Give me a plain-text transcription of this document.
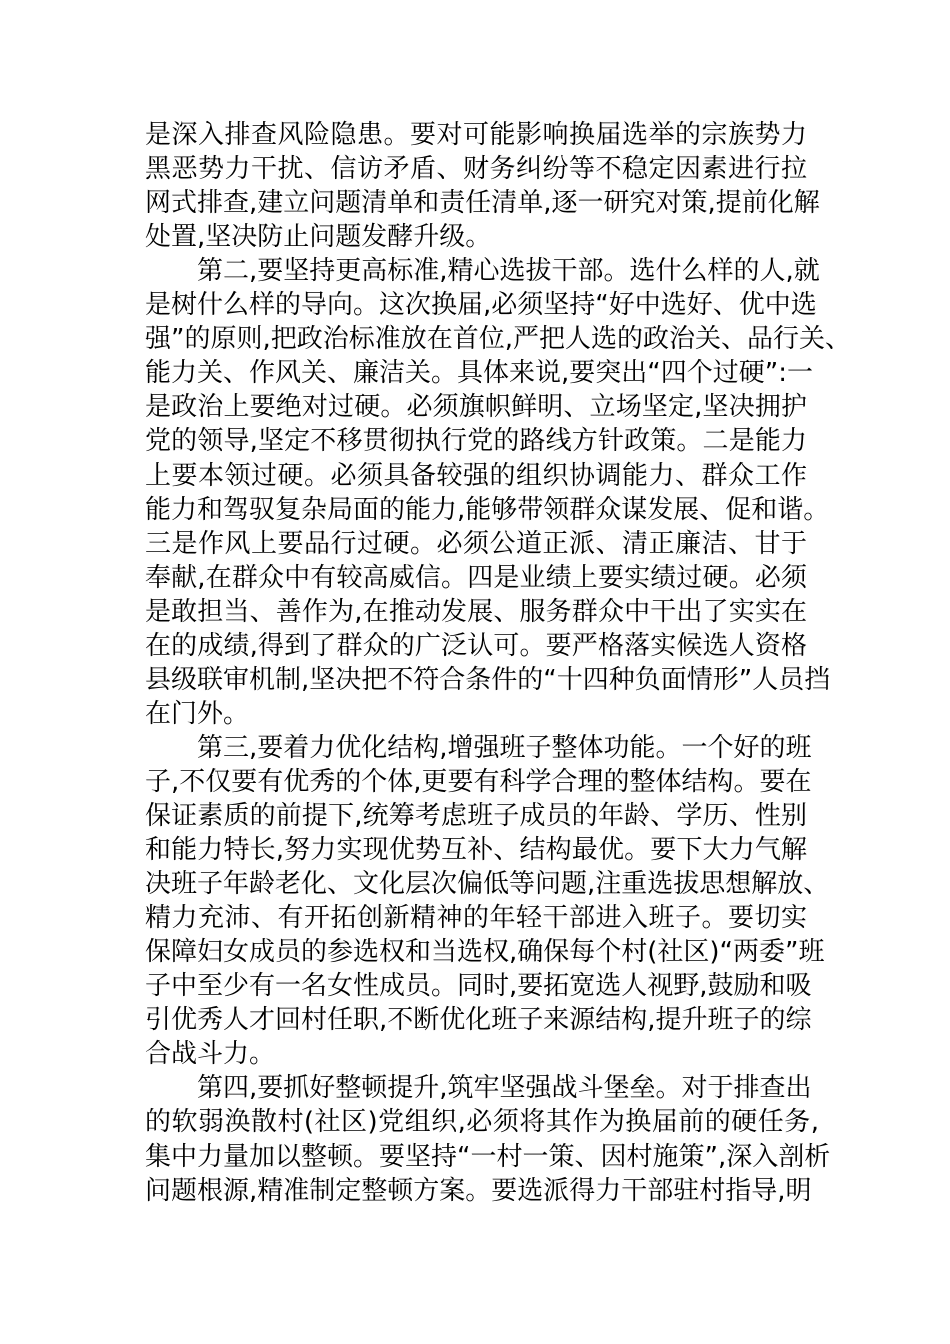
是深入排查风险隐患。要对可能影响换届选举的宗族势力
黑恶势力干扰、信访矛盾、财务纠纷等不稳定因素进行拉
网式排查,建立问题清单和责任清单,逐一研究对策,提前化解
处置,坚决防止问题发酵升级。
第二,要坚持更高标准,精心选拔干部。选什么样的人,就
是树什么样的导向。这次换届,必须坚持“好中选好、优中选
强”的原则,把政治标准放在首位,严把人选的政治关、品行关、
能力关、作风关、廉洁关。具体来说,要突出“四个过硬”:一
是政治上要绝对过硬。必须旗帜鲜明、立场坚定,坚决拥护
党的领导,坚定不移贯彻执行党的路线方针政策。二是能力
上要本领过硬。必须具备较强的组织协调能力、群众工作
能力和驾驭复杂局面的能力,能够带领群众谋发展、促和谐。
三是作风上要品行过硬。必须公道正派、清正廉洁、甘于
奉献,在群众中有较高威信。四是业绩上要实绩过硬。必须
是敢担当、善作为,在推动发展、服务群众中干出了实实在
在的成绩,得到了群众的广泛认可。要严格落实候选人资格
县级联审机制,坚决把不符合条件的“十四种负面情形”人员挡
在门外。
第三,要着力优化结构,增强班子整体功能。一个好的班
子,不仅要有优秀的个体,更要有科学合理的整体结构。要在
保证素质的前提下,统筹考虑班子成员的年龄、学历、性别
和能力特长,努力实现优势互补、结构最优。要下大力气解
决班子年龄老化、文化层次偏低等问题,注重选拔思想解放、
精力充沛、有开拓创新精神的年轻干部进入班子。要切实
保障妇女成员的参选权和当选权,确保每个村(社区)“两委”班
子中至少有一名女性成员。同时,要拓宽选人视野,鼓励和吸
引优秀人才回村任职,不断优化班子来源结构,提升班子的综
合战斗力。
第四,要抓好整顿提升,筑牢坚强战斗堡垒。对于排查出
的软弱涣散村(社区)党组织,必须将其作为换届前的硬任务,
集中力量加以整顿。要坚持“一村一策、因村施策”,深入剖析
问题根源,精准制定整顿方案。要选派得力干部驻村指导,明
